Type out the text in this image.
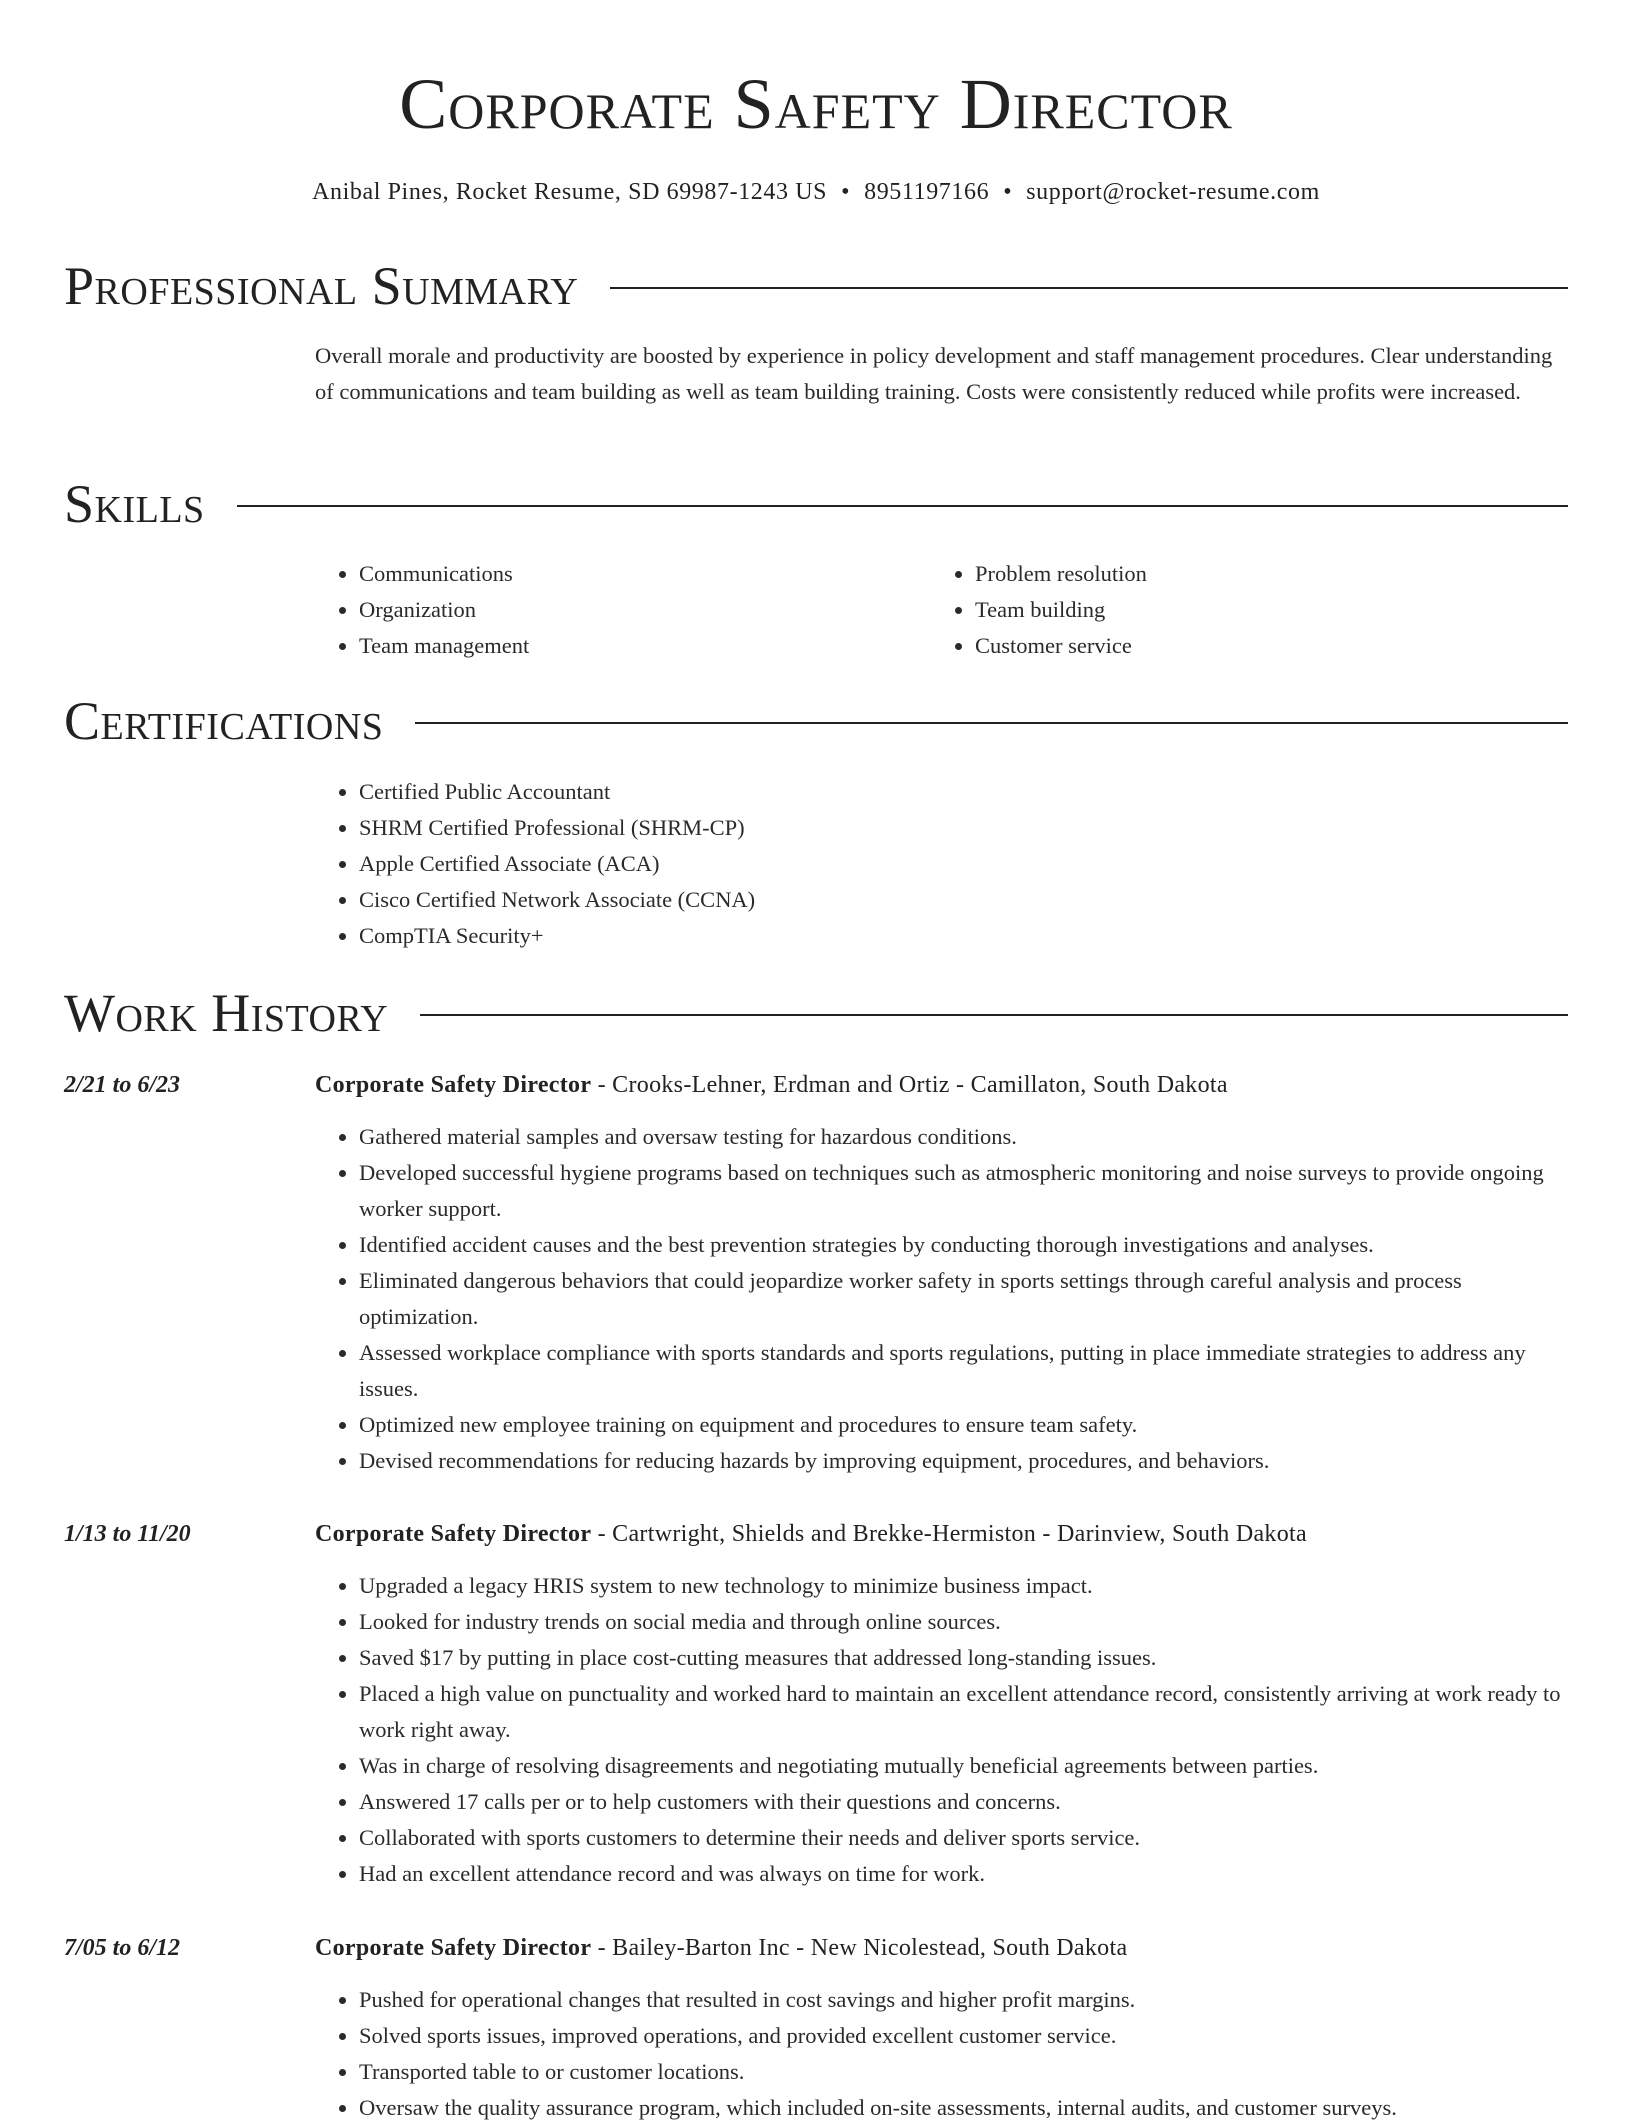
Corporate Safety Director
Anibal Pines, Rocket Resume, SD 69987-1243 US • 8951197166 • support@rocket-resume.com
Professional Summary
Overall morale and productivity are boosted by experience in policy development and staff management procedures. Clear understanding of communications and team building as well as team building training. Costs were consistently reduced while profits were increased.
Skills
• Communications
• Organization
• Team management
• Problem resolution
• Team building
• Customer service
Certifications
• Certified Public Accountant
• SHRM Certified Professional (SHRM-CP)
• Apple Certified Associate (ACA)
• Cisco Certified Network Associate (CCNA)
• CompTIA Security+
Work History
2/21 to 6/23	Corporate Safety Director - Crooks-Lehner, Erdman and Ortiz - Camillaton, South Dakota
• Gathered material samples and oversaw testing for hazardous conditions.
• Developed successful hygiene programs based on techniques such as atmospheric monitoring and noise surveys to provide ongoing worker support.
• Identified accident causes and the best prevention strategies by conducting thorough investigations and analyses.
• Eliminated dangerous behaviors that could jeopardize worker safety in sports settings through careful analysis and process optimization.
• Assessed workplace compliance with sports standards and sports regulations, putting in place immediate strategies to address any issues.
• Optimized new employee training on equipment and procedures to ensure team safety.
• Devised recommendations for reducing hazards by improving equipment, procedures, and behaviors.
1/13 to 11/20	Corporate Safety Director - Cartwright, Shields and Brekke-Hermiston - Darinview, South Dakota
• Upgraded a legacy HRIS system to new technology to minimize business impact.
• Looked for industry trends on social media and through online sources.
• Saved $17 by putting in place cost-cutting measures that addressed long-standing issues.
• Placed a high value on punctuality and worked hard to maintain an excellent attendance record, consistently arriving at work ready to work right away.
• Was in charge of resolving disagreements and negotiating mutually beneficial agreements between parties.
• Answered 17 calls per or to help customers with their questions and concerns.
• Collaborated with sports customers to determine their needs and deliver sports service.
• Had an excellent attendance record and was always on time for work.
7/05 to 6/12	Corporate Safety Director - Bailey-Barton Inc - New Nicolestead, South Dakota
• Pushed for operational changes that resulted in cost savings and higher profit margins.
• Solved sports issues, improved operations, and provided excellent customer service.
• Transported table to or customer locations.
• Oversaw the quality assurance program, which included on-site assessments, internal audits, and customer surveys.
